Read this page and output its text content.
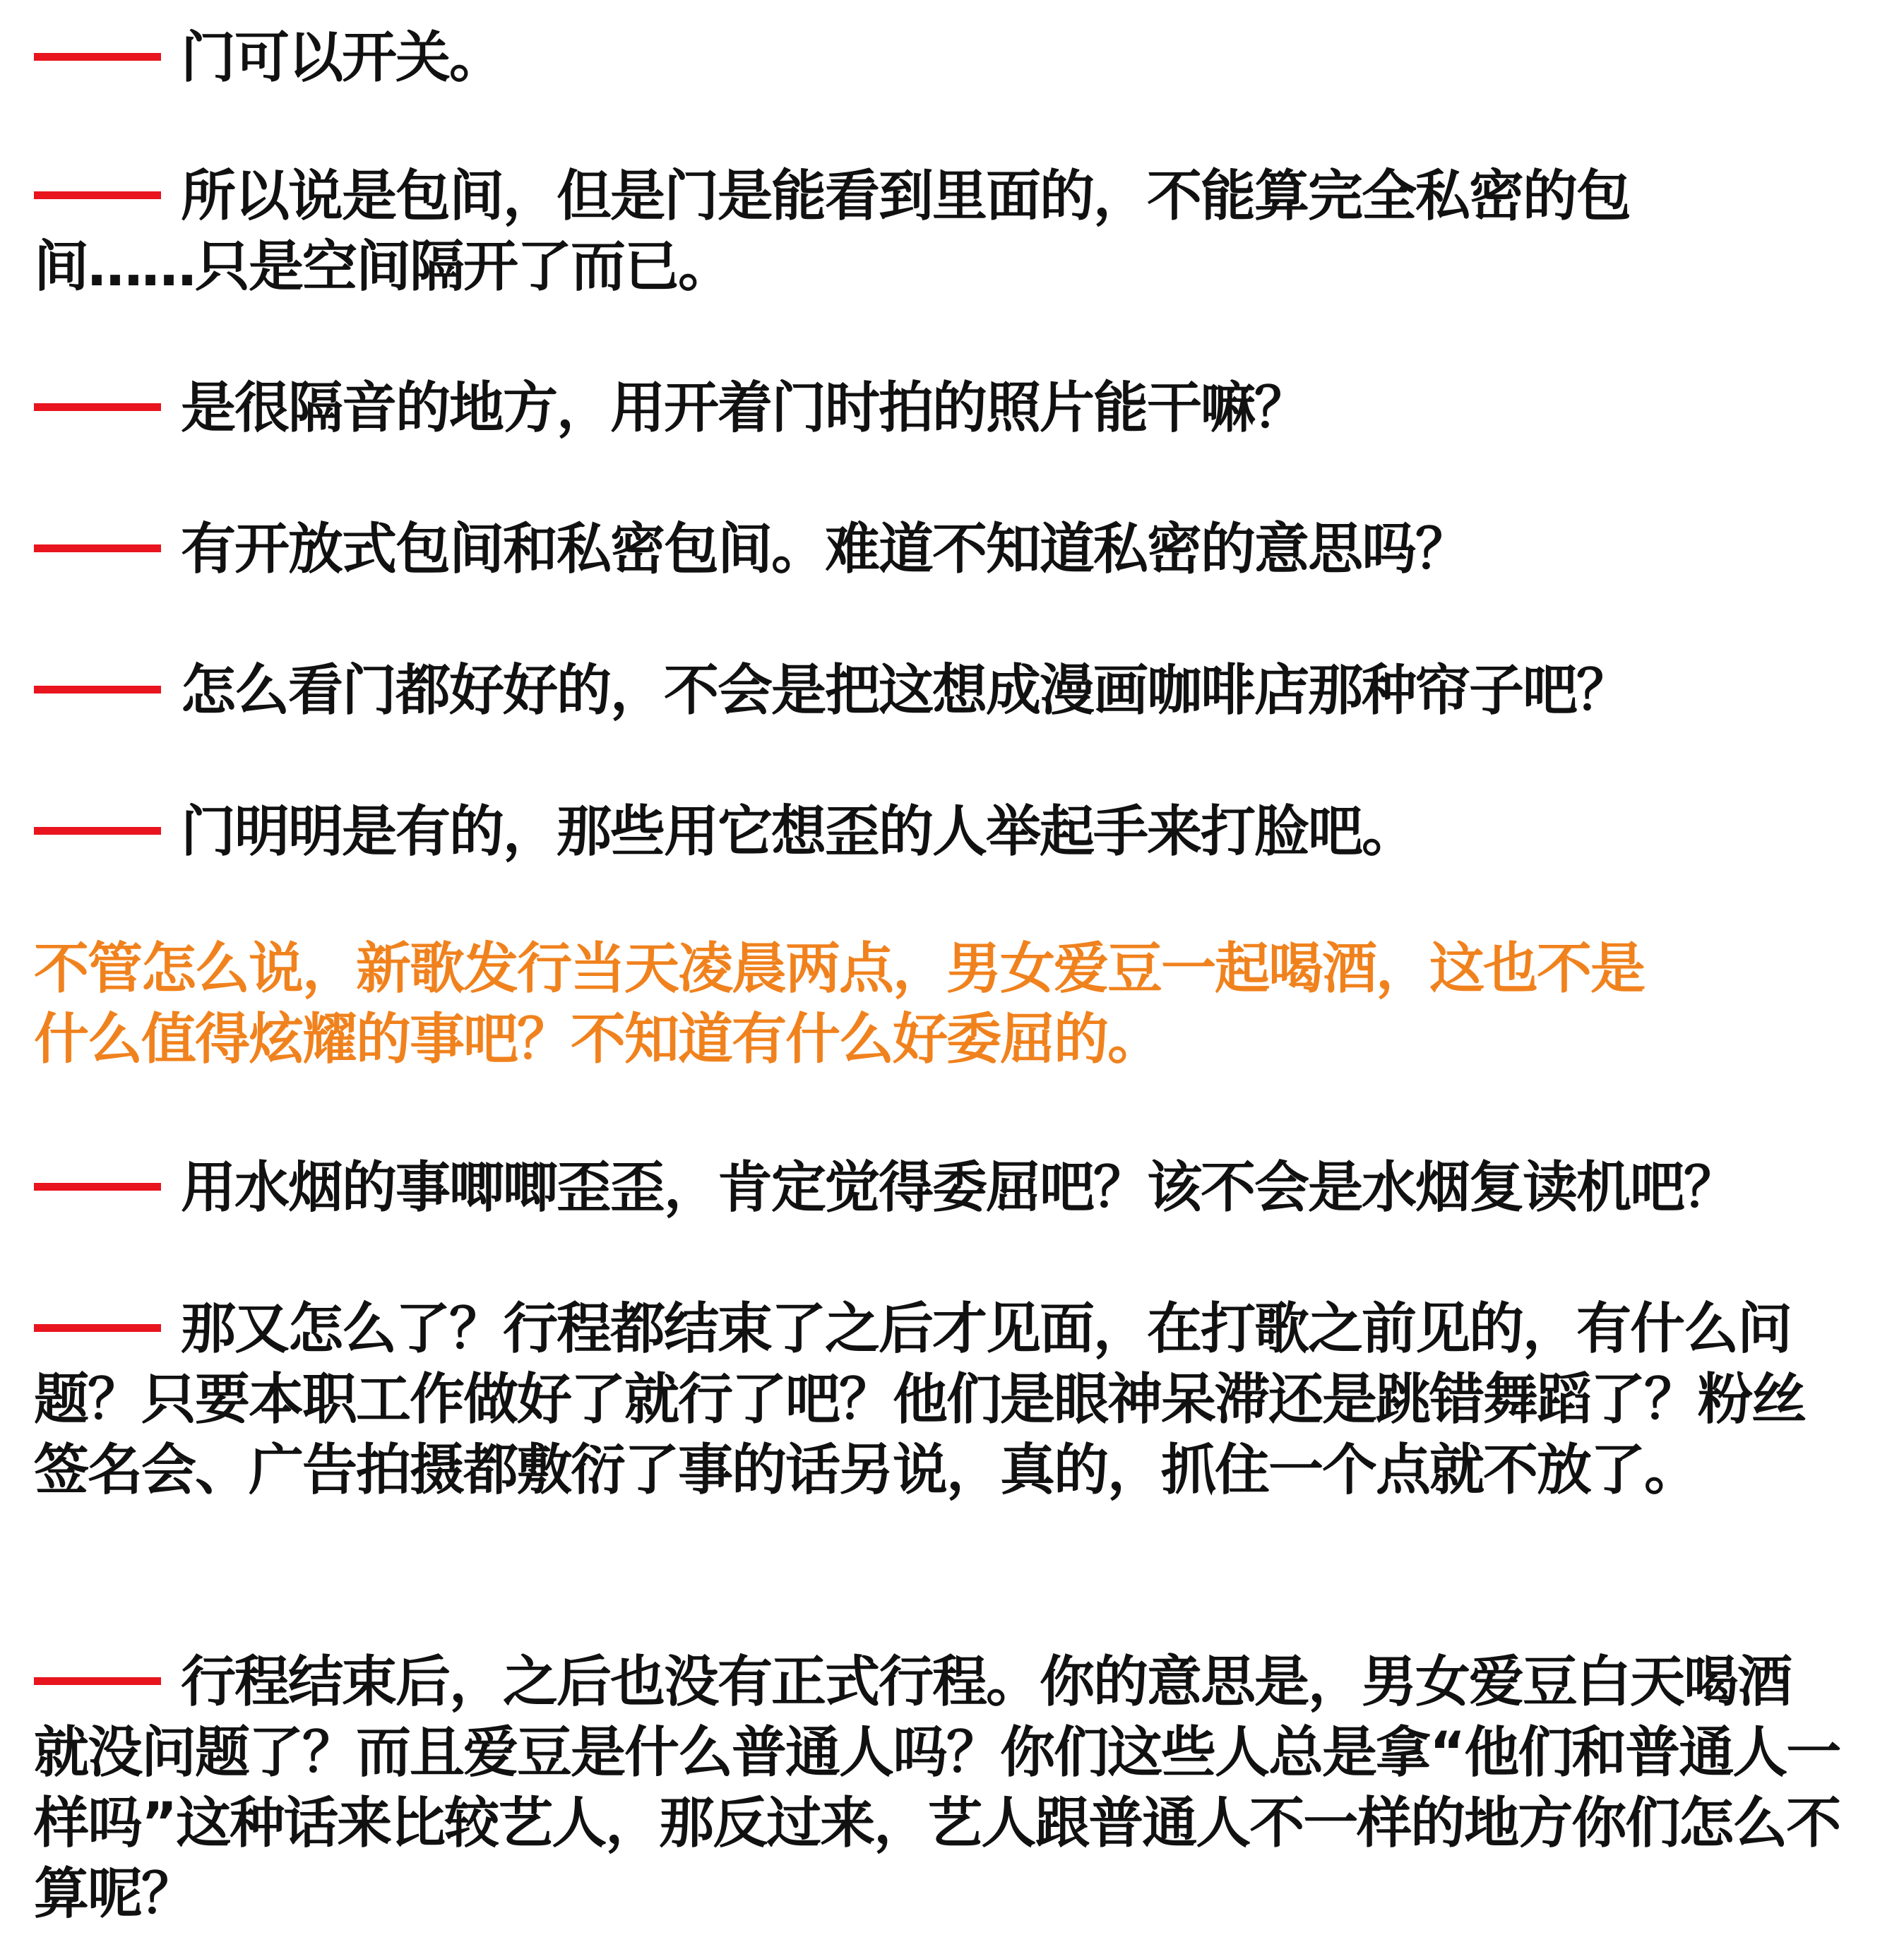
门可以开关。

所以说是包间，但是门是能看到里面的，不能算完全私密的包间……只是空间隔开了而已。

是很隔音的地方，用开着门时拍的照片能干嘛？

有开放式包间和私密包间。难道不知道私密的意思吗？

怎么看门都好好的，不会是把这想成漫画咖啡店那种帘子吧？

门明明是有的，那些用它想歪的人举起手来打脸吧。

不管怎么说，新歌发行当天凌晨两点，男女爱豆一起喝酒，这也不是什么值得炫耀的事吧？不知道有什么好委屈的。

用水烟的事唧唧歪歪，肯定觉得委屈吧？该不会是水烟复读机吧？

那又怎么了？行程都结束了之后才见面，在打歌之前见的，有什么问题？只要本职工作做好了就行了吧？他们是眼神呆滞还是跳错舞蹈了？粉丝签名会、广告拍摄都敷衍了事的话另说，真的，抓住一个点就不放了。

行程结束后，之后也没有正式行程。你的意思是，男女爱豆白天喝酒就没问题了？而且爱豆是什么普通人吗？你们这些人总是拿“他们和普通人一样吗”这种话来比较艺人，那反过来，艺人跟普通人不一样的地方你们怎么不算呢？
